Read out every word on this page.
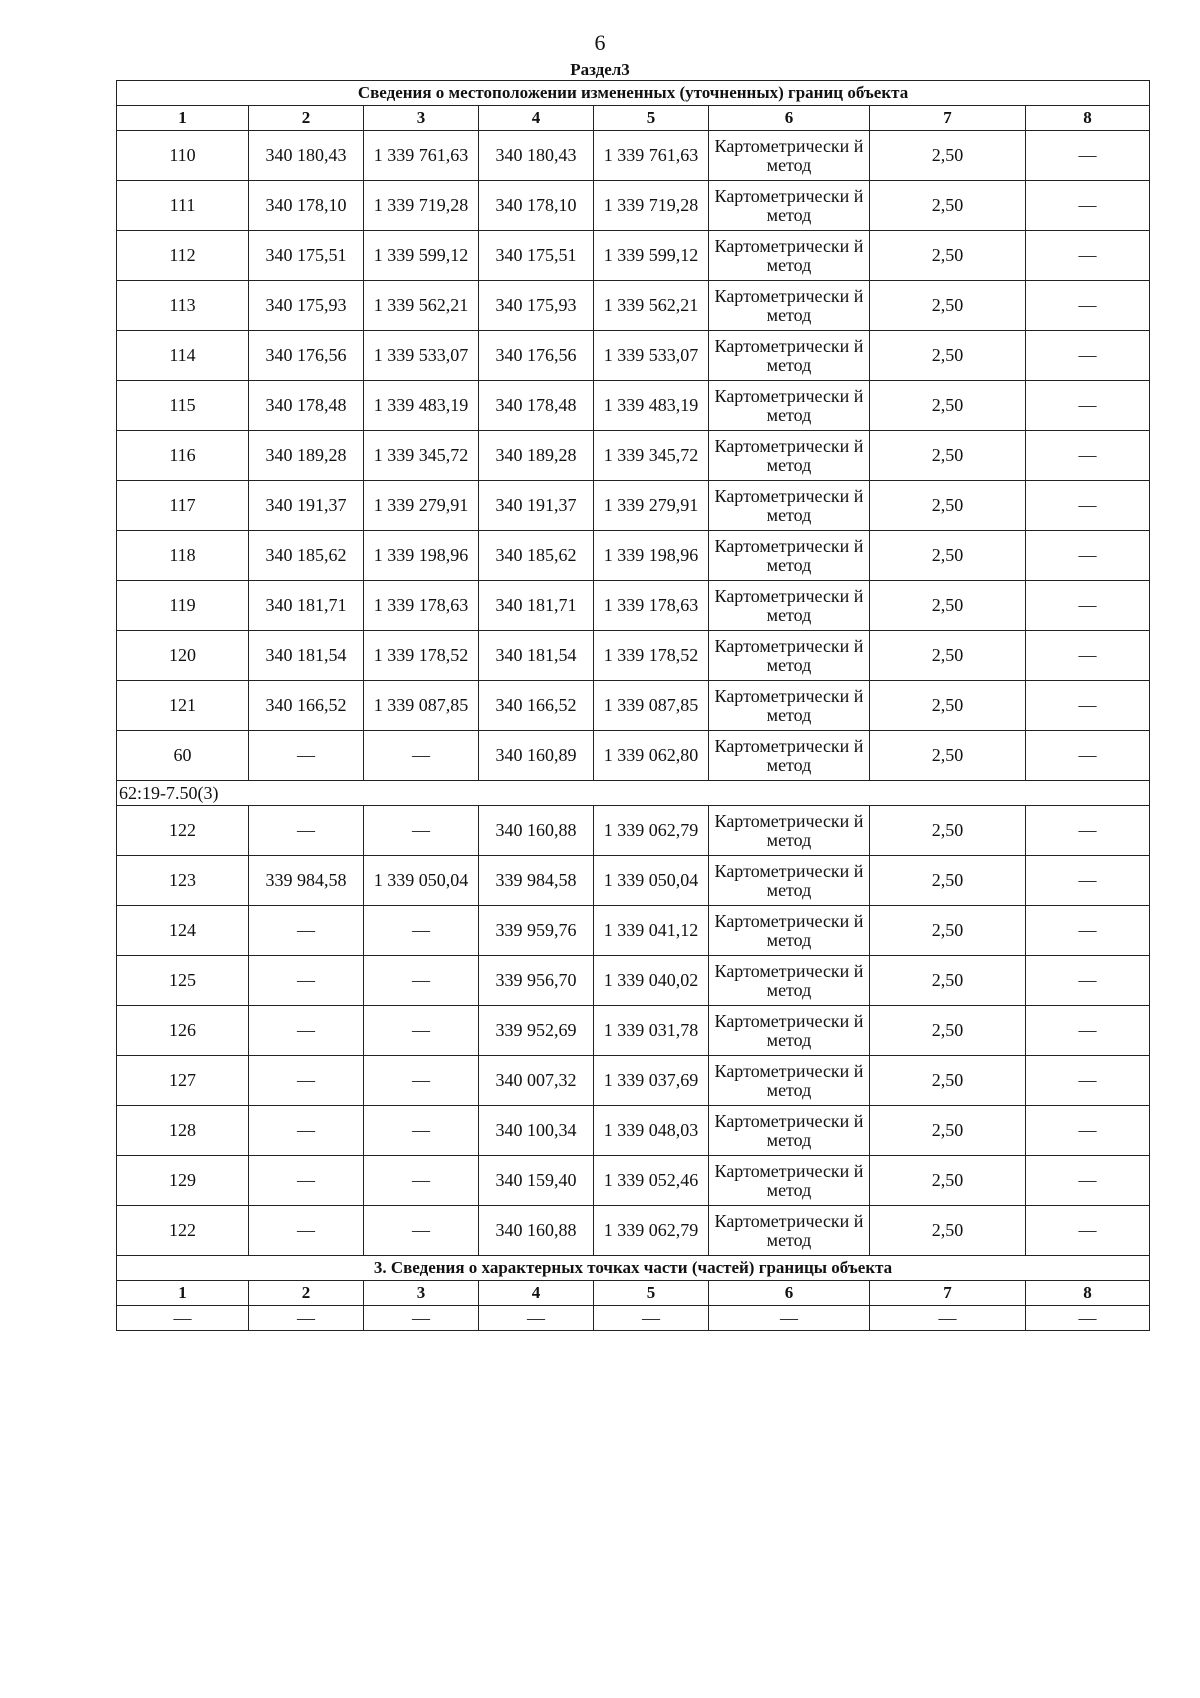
6
Раздел3
Сведения о местоположении измененных (уточненных) границ объекта							
1	2	3	4	5	6	7	8
110	340 180,43	1 339 761,63	340 180,43	1 339 761,63	Картометрически й метод	2,50	—
111	340 178,10	1 339 719,28	340 178,10	1 339 719,28	Картометрически й метод	2,50	—
112	340 175,51	1 339 599,12	340 175,51	1 339 599,12	Картометрически й метод	2,50	—
113	340 175,93	1 339 562,21	340 175,93	1 339 562,21	Картометрически й метод	2,50	—
114	340 176,56	1 339 533,07	340 176,56	1 339 533,07	Картометрически й метод	2,50	—
115	340 178,48	1 339 483,19	340 178,48	1 339 483,19	Картометрически й метод	2,50	—
116	340 189,28	1 339 345,72	340 189,28	1 339 345,72	Картометрически й метод	2,50	—
117	340 191,37	1 339 279,91	340 191,37	1 339 279,91	Картометрически й метод	2,50	—
118	340 185,62	1 339 198,96	340 185,62	1 339 198,96	Картометрически й метод	2,50	—
119	340 181,71	1 339 178,63	340 181,71	1 339 178,63	Картометрически й метод	2,50	—
120	340 181,54	1 339 178,52	340 181,54	1 339 178,52	Картометрически й метод	2,50	—
121	340 166,52	1 339 087,85	340 166,52	1 339 087,85	Картометрически й метод	2,50	—
60	—	—	340 160,89	1 339 062,80	Картометрически й метод	2,50	—
62:19-7.50(3)							
122	—	—	340 160,88	1 339 062,79	Картометрически й метод	2,50	—
123	339 984,58	1 339 050,04	339 984,58	1 339 050,04	Картометрически й метод	2,50	—
124	—	—	339 959,76	1 339 041,12	Картометрически й метод	2,50	—
125	—	—	339 956,70	1 339 040,02	Картометрически й метод	2,50	—
126	—	—	339 952,69	1 339 031,78	Картометрически й метод	2,50	—
127	—	—	340 007,32	1 339 037,69	Картометрически й метод	2,50	—
128	—	—	340 100,34	1 339 048,03	Картометрически й метод	2,50	—
129	—	—	340 159,40	1 339 052,46	Картометрически й метод	2,50	—
122	—	—	340 160,88	1 339 062,79	Картометрически й метод	2,50	—
3. Сведения о характерных точках части (частей) границы объекта							
1	2	3	4	5	6	7	8
—	—	—	—	—	—	—	—
